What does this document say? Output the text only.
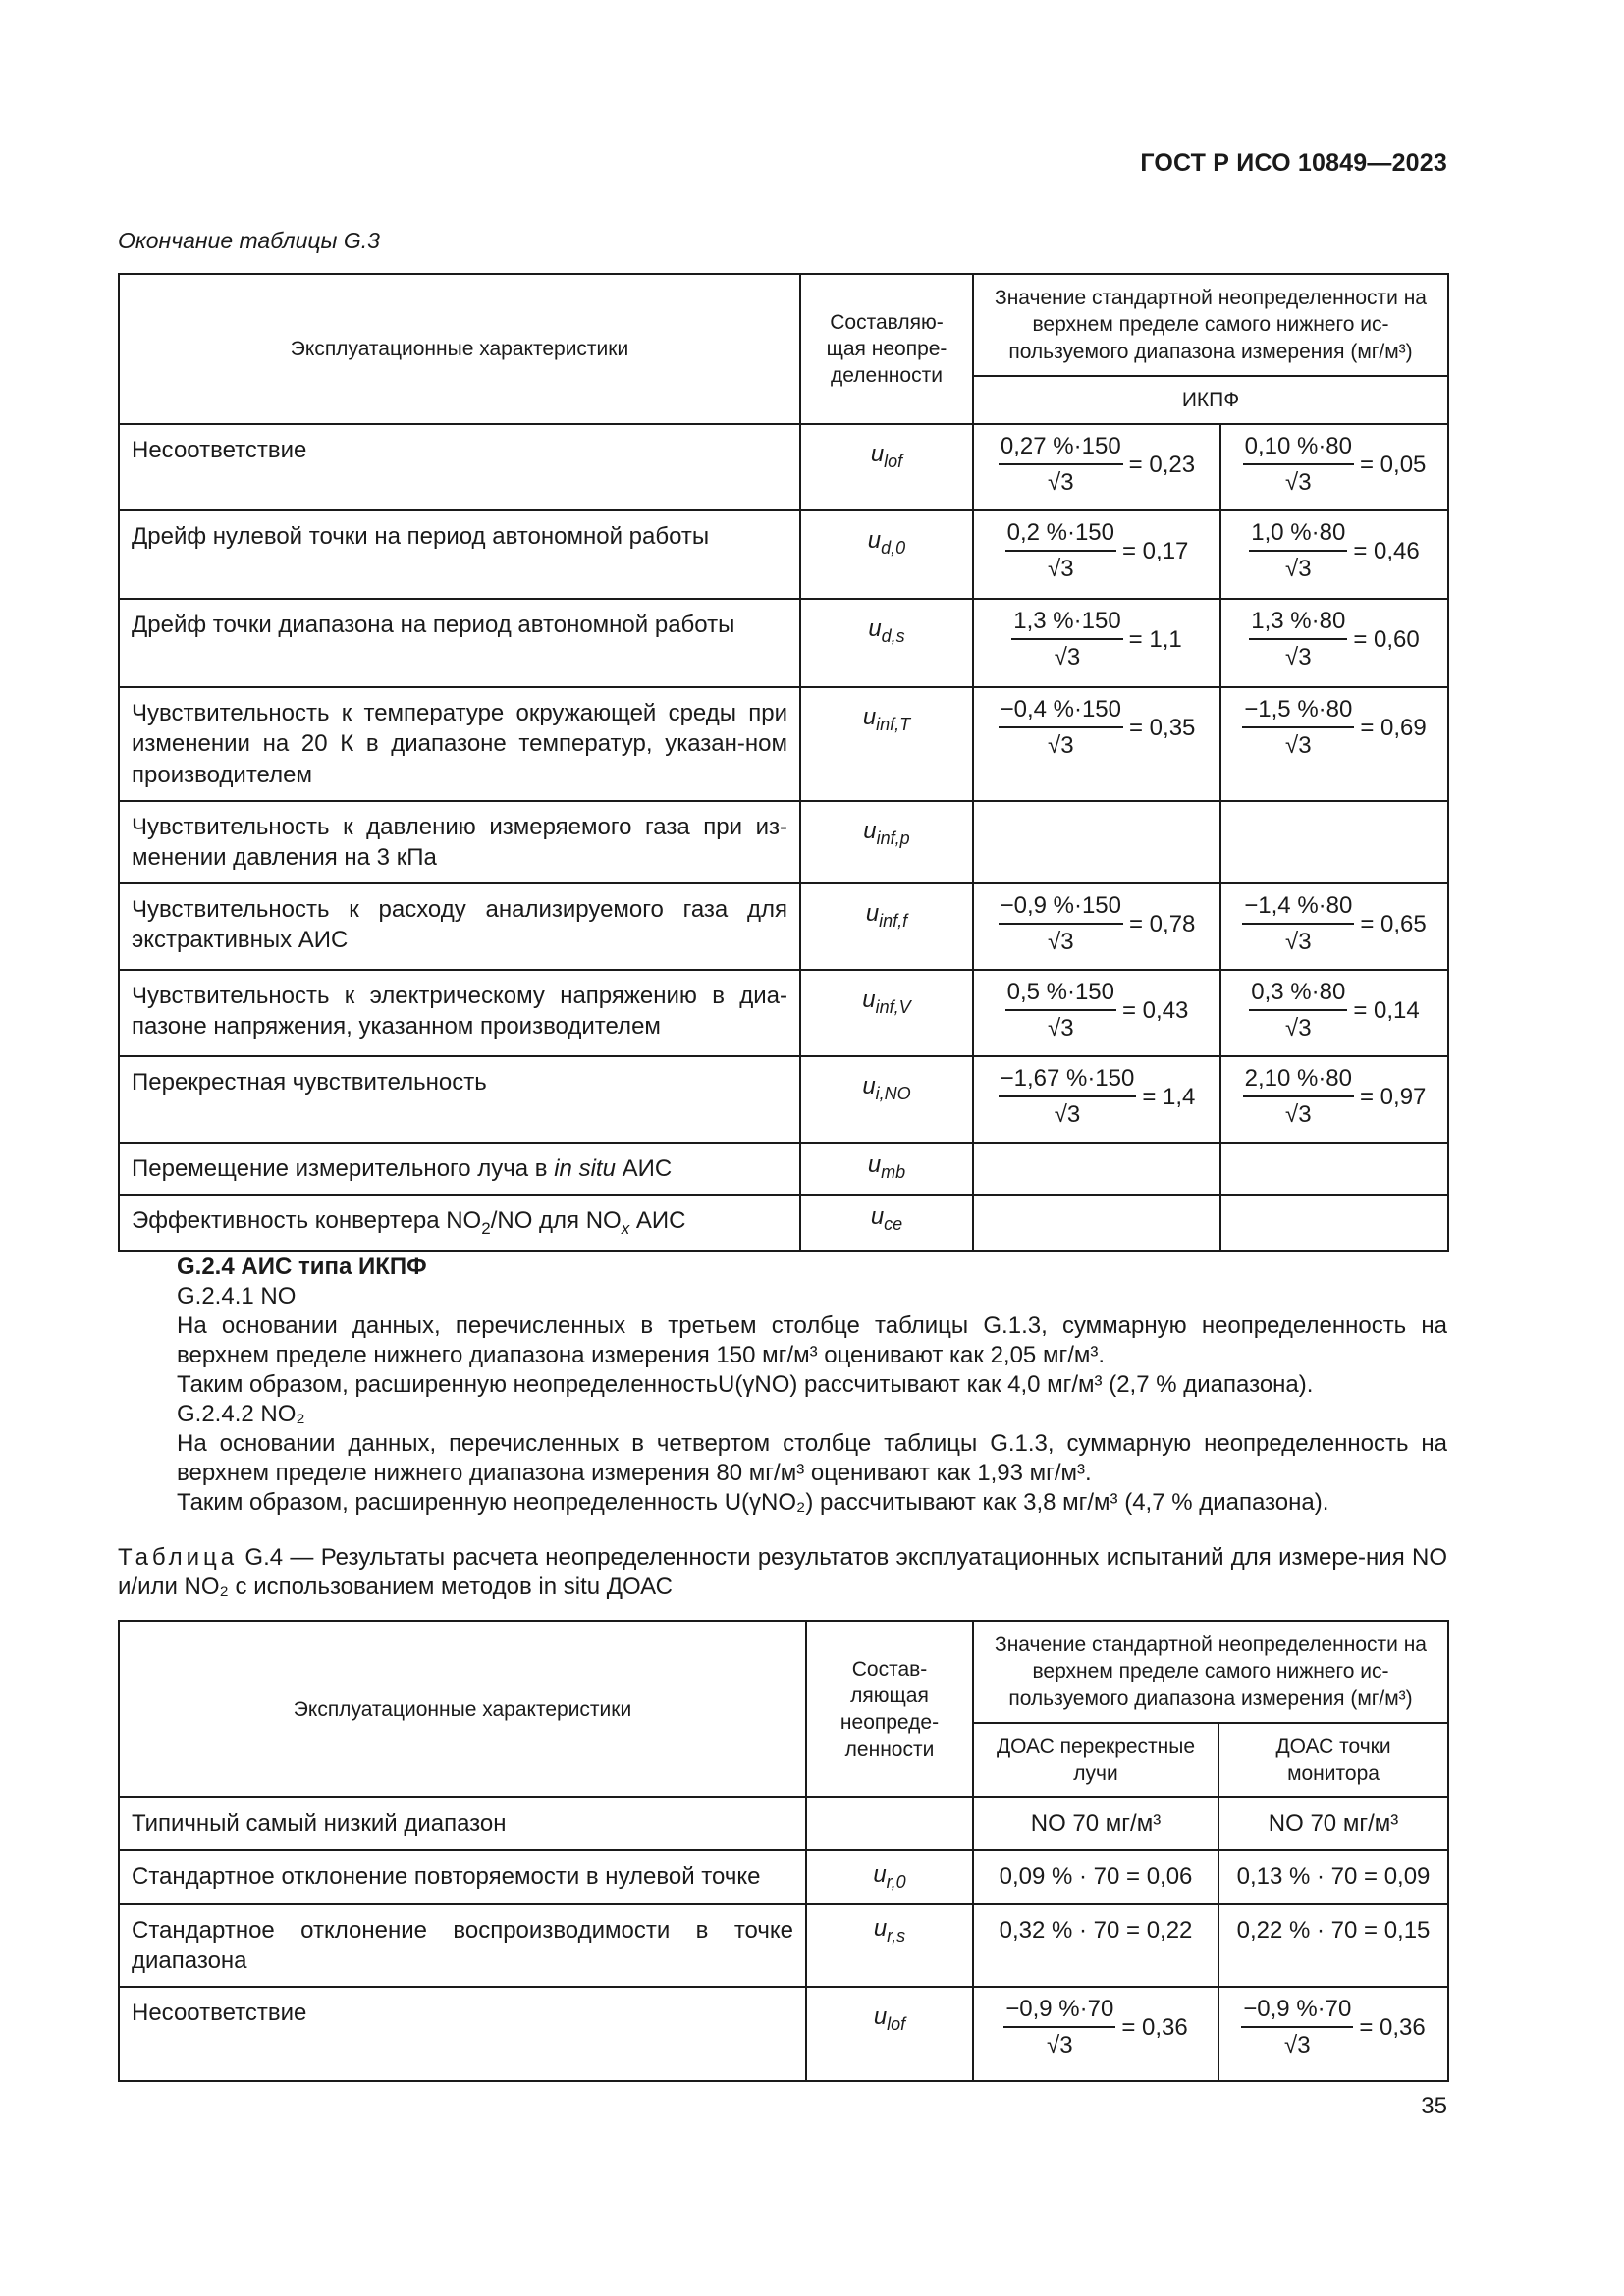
ГОСТ Р ИСО 10849—2023
Окончание таблицы G.3
Эксплуатационные характеристики	Составляю-щая неопре-деленности	Значение стандартной неопределенности на верхнем пределе самого нижнего ис-пользуемого диапазона измерения (мг/м³)	
		ИКПФ	
Несоответствие	$u_{lof}$	$\frac{0,27 \%\cdot 150}{√3} = 0,23$	$\frac{0,10 \%\cdot 80}{√3} = 0,05$

Дрейф нулевой точки на период автономной работы	$u_{d,0}$	$\frac{0,2 \%\cdot 150}{√3} = 0,17$	$\frac{1,0 \%\cdot 80}{√3} = 0,46$

Дрейф точки диапазона на период автономной работы	$u_{d,s}$	$\frac{1,3 \%\cdot 150}{√3} = 1,1$	$\frac{1,3 \%\cdot 80}{√3} = 0,60$

Чувствительность к температуре окружающей среды при изменении на 20 К в диапазоне температур, указан-ном производителем	$u_{inf,T}$	$\frac{-0,4 \%\cdot 150}{√3} = 0,35$	$\frac{-1,5 \%\cdot 80}{√3} = 0,69$

Чувствительность к давлению измеряемого газа при из-менении давления на 3 кПа	$u_{inf,p}$		
Чувствительность к расходу анализируемого газа для экстрактивных АИС	$u_{inf,f}$	$\frac{-0,9 \%\cdot 150}{√3} = 0,78$	$\frac{-1,4 \%\cdot 80}{√3} = 0,65$

Чувствительность к электрическому напряжению в диа-пазоне напряжения, указанном производителем	$u_{inf,V}$	$\frac{0,5 \%\cdot 150}{√3} = 0,43$	$\frac{0,3 \%\cdot 80}{√3} = 0,14$

Перекрестная чувствительность	$u_{i,NO}$	$\frac{-1,67 \%\cdot 150}{√3} = 1,4$	$\frac{2,10 \%\cdot 80}{√3} = 0,97$

Перемещение измерительного луча в in situ АИС	$u_{mb}$		
Эффективность конвертера $NO_2/NO$ для $NO_x$ АИС	$u_{ce}$		

G.2.4 АИС типа ИКПФ

G.2.4.1 NO

На основании данных, перечисленных в третьем столбце таблицы G.1.3, суммарную неопределенность на верхнем пределе нижнего диапазона измерения 150 мг/м³ оценивают как 2,05 мг/м³.

Таким образом, расширенную неопределенностьU(γNO) рассчитывают как 4,0 мг/м³ (2,7 % диапазона).

G.2.4.2 NO₂

На основании данных, перечисленных в четвертом столбце таблицы G.1.3, суммарную неопределенность на верхнем пределе нижнего диапазона измерения 80 мг/м³ оценивают как 1,93 мг/м³.

Таким образом, расширенную неопределенность U(γNO₂) рассчитывают как 3,8 мг/м³ (4,7 % диапазона).

Таблица G.4 — Результаты расчета неопределенности результатов эксплуатационных испытаний для измере-ния NO и/или NO₂ с использованием методов in situ ДОАС
Эксплуатационные характеристики	Состав-ляющая неопреде-ленности	Значение стандартной неопределенности на верхнем пределе самого нижнего ис-пользуемого диапазона измерения (мг/м³)	
		ДОАС перекрестные лучи	ДОАС точки монитора
Типичный самый низкий диапазон		NO 70 мг/м³	NO 70 мг/м³
Стандартное отклонение повторяемости в нулевой точке	$u_{r,0}$	0,09 % · 70 = 0,06	0,13 % · 70 = 0,09
Стандартное отклонение воспроизводимости в точке диапазона	$u_{r,s}$	0,32 % · 70 = 0,22	0,22 % · 70 = 0,15
Несоответствие	$u_{lof}$	$\frac{-0,9 \%\cdot 70}{√3} = 0,36$	$\frac{-0,9 \%\cdot 70}{√3} = 0,36$
35
